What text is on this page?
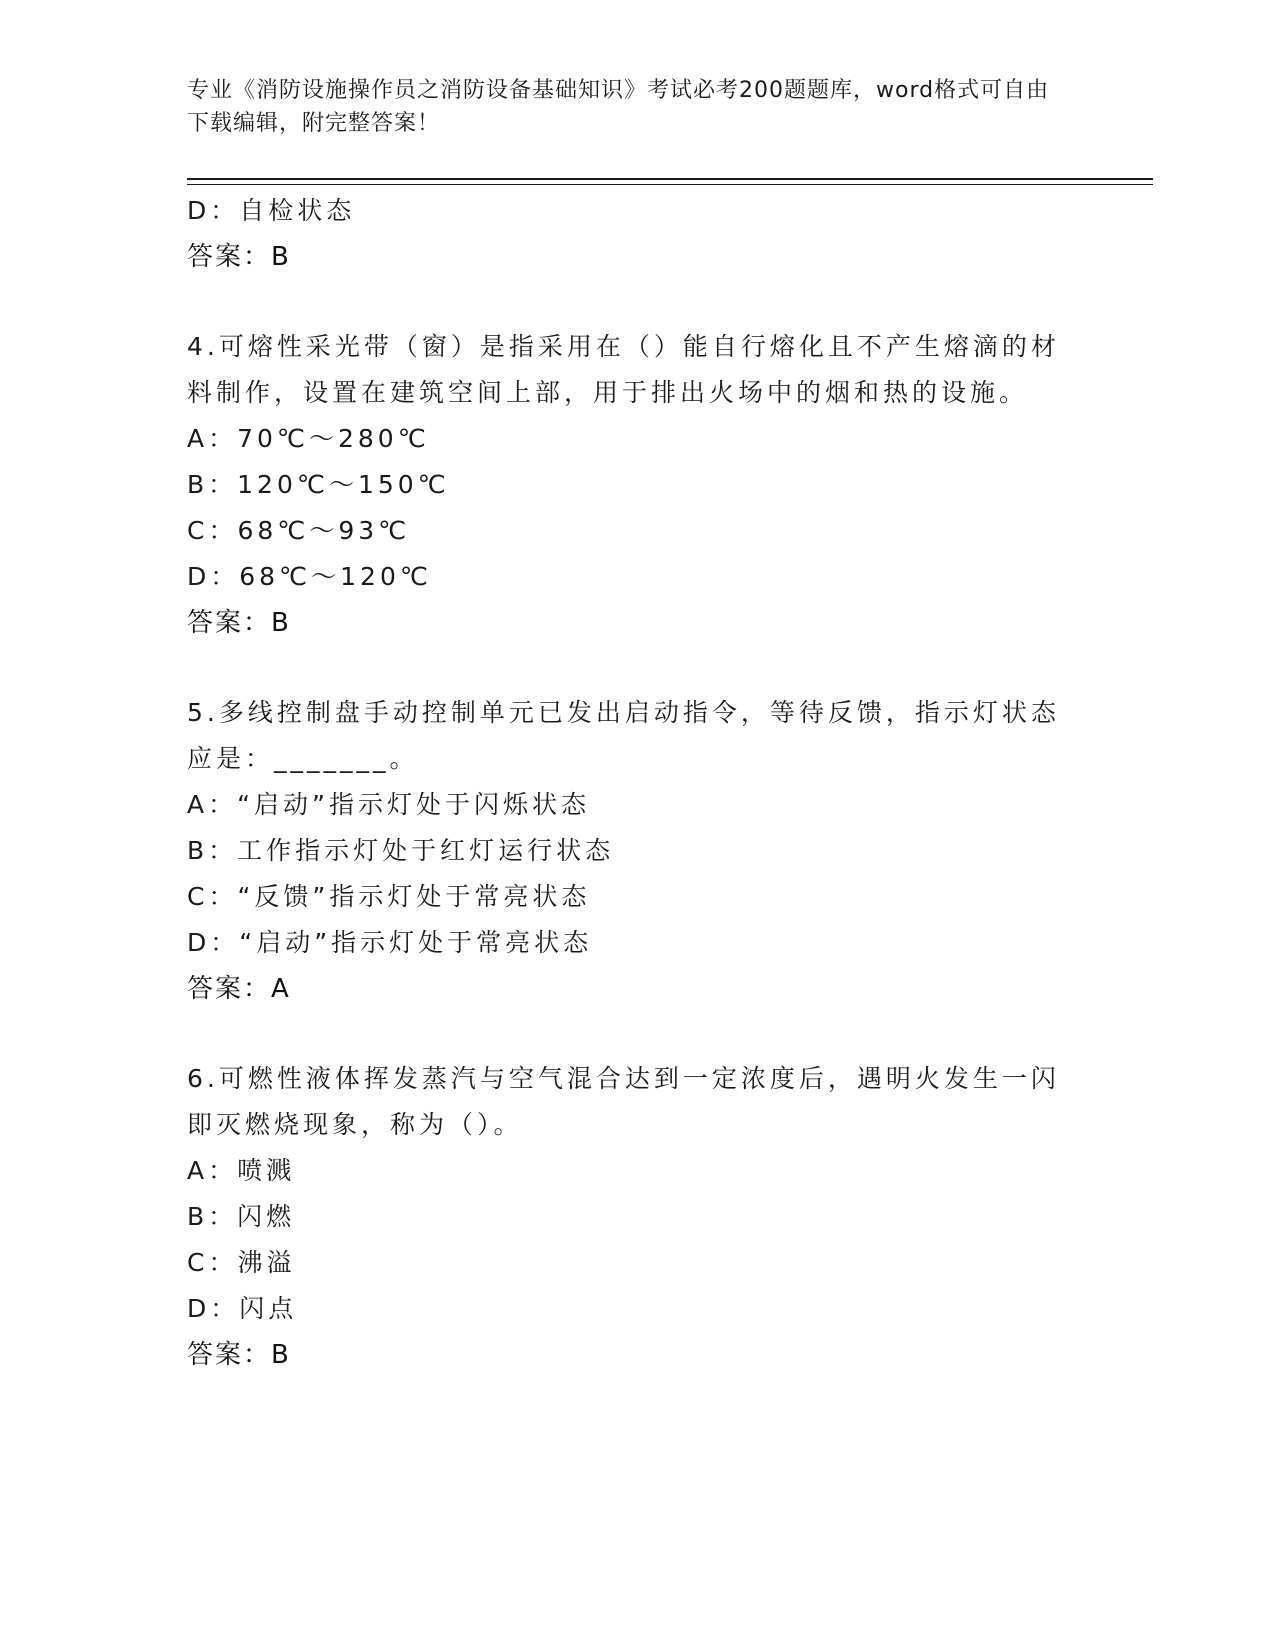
专业《消防设施操作员之消防设备基础知识》考试必考200题题库，word格式可自由下载编辑，附完整答案！
D：自检状态
答案：B
4.可熔性采光带（窗）是指采用在（）能自行熔化且不产生熔滴的材料制作，设置在建筑空间上部，用于排出火场中的烟和热的设施。
A：70℃～280℃
B：120℃～150℃
C：68℃～93℃
D：68℃～120℃
答案：B
5.多线控制盘手动控制单元已发出启动指令，等待反馈，指示灯状态应是：_______。
A：“启动”指示灯处于闪烁状态
B：工作指示灯处于红灯运行状态
C：“反馈”指示灯处于常亮状态
D：“启动”指示灯处于常亮状态
答案：A
6.可燃性液体挥发蒸汽与空气混合达到一定浓度后，遇明火发生一闪即灭燃烧现象，称为（）。
A：喷溅
B：闪燃
C：沸溢
D：闪点
答案：B
